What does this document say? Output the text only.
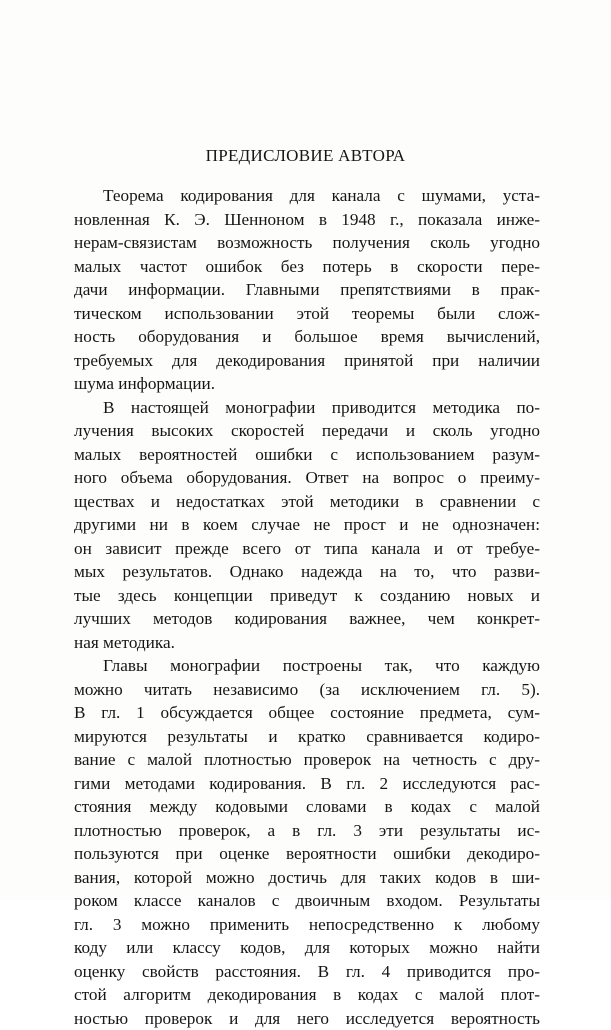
ПРЕДИСЛОВИЕ АВТОРА
Теорема кодирования для канала с шумами, уста-
новленная К. Э. Шенноном в 1948 г., показала инже-
нерам-связистам возможность получения сколь угодно
малых частот ошибок без потерь в скорости пере-
дачи информации. Главными препятствиями в прак-
тическом использовании этой теоремы были слож-
ность оборудования и большое время вычислений,
требуемых для декодирования принятой при наличии
шума информации.
В настоящей монографии приводится методика по-
лучения высоких скоростей передачи и сколь угодно
малых вероятностей ошибки с использованием разум-
ного объема оборудования. Ответ на вопрос о преиму-
ществах и недостатках этой методики в сравнении с
другими ни в коем случае не прост и не однозначен:
он зависит прежде всего от типа канала и от требуе-
мых результатов. Однако надежда на то, что разви-
тые здесь концепции приведут к созданию новых и
лучших методов кодирования важнее, чем конкрет-
ная методика.
Главы монографии построены так, что каждую
можно читать независимо (за исключением гл. 5).
В гл. 1 обсуждается общее состояние предмета, сум-
мируются результаты и кратко сравнивается кодиро-
вание с малой плотностью проверок на четность с дру-
гими методами кодирования. В гл. 2 исследуются рас-
стояния между кодовыми словами в кодах с малой
плотностью проверок, а в гл. 3 эти результаты ис-
пользуются при оценке вероятности ошибки декодиро-
вания, которой можно достичь для таких кодов в ши-
роком классе каналов с двоичным входом. Результаты
гл. 3 можно применить непосредственно к любому
коду или классу кодов, для которых можно найти
оценку свойств расстояния. В гл. 4 приводится про-
стой алгоритм декодирования в кодах с малой плот-
ностью проверок и для него исследуется вероятность
